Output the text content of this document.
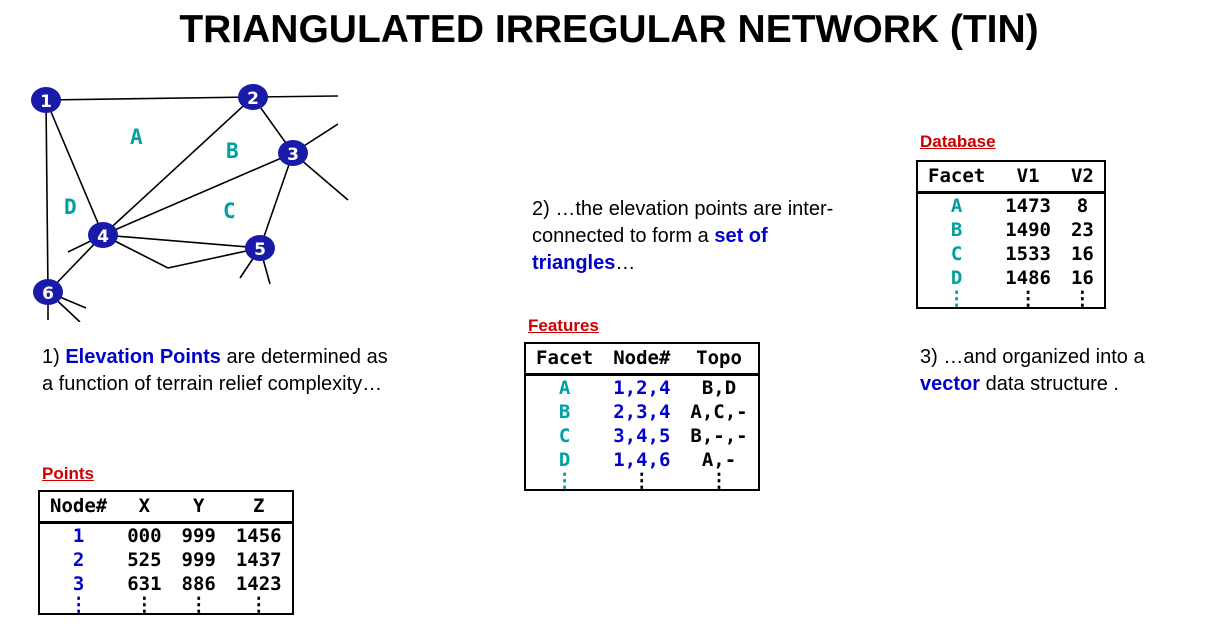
TRIANGULATED IRREGULAR NETWORK (TIN)
A
B
C
D
1	2
3
4
5
6
1) Elevation Points are determined as a function of terrain relief complexity…
2) …the elevation points are inter-connected to form a set of triangles…
3) …and organized into a vector data structure .
Points
Features
Database
Node#	X	Y	Z
1	000	999	1456
2	525	999	1437
3	631	886	1423
⋮	⋮	⋮	⋮
Facet	Node#	Topo
A	1,2,4	B,D
B	2,3,4	A,C,-
C	3,4,5	B,-,-
D	1,4,6	A,-
⋮	⋮	⋮
Facet	V1	V2
A	1473	8
B	1490	23
C	1533	16
D	1486	16
⋮	⋮	⋮
